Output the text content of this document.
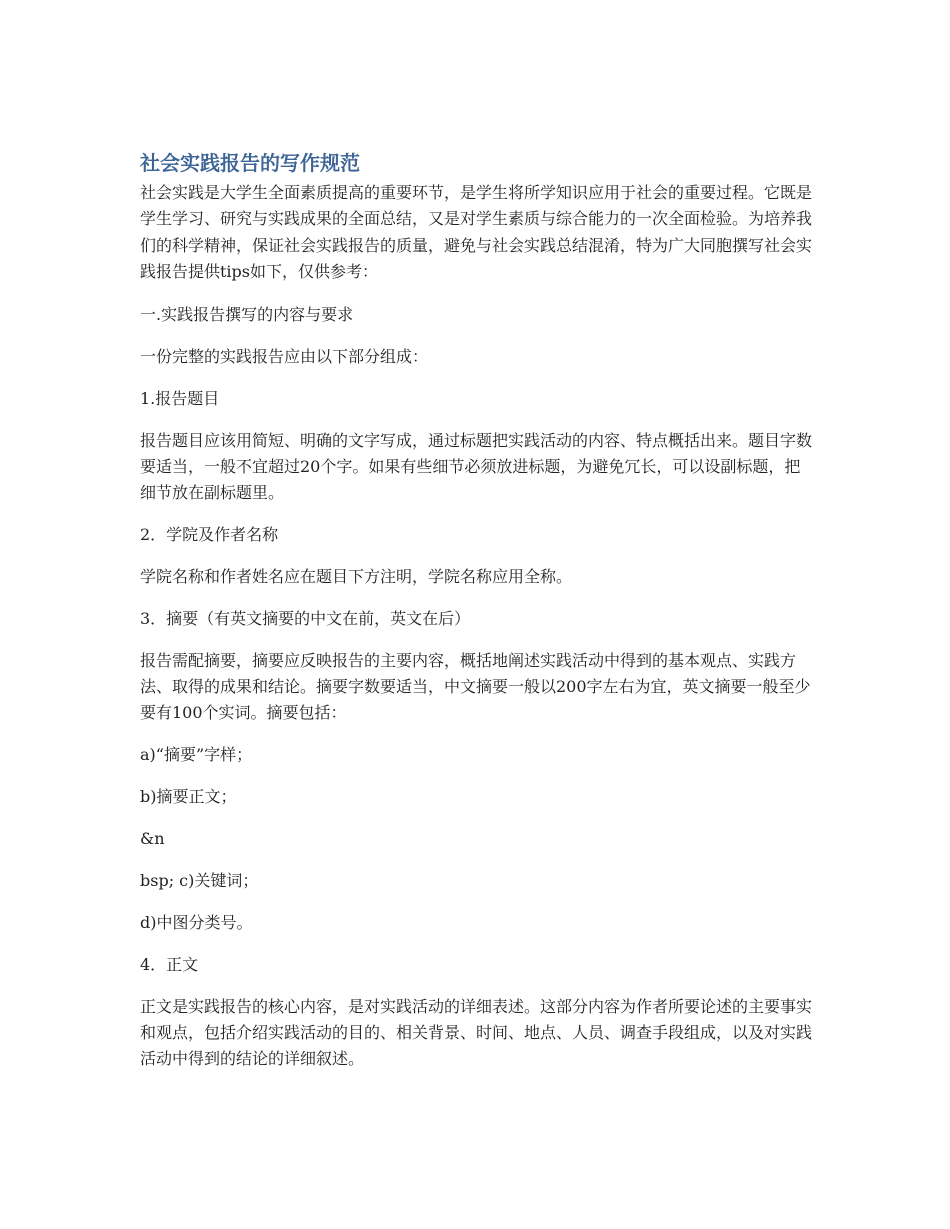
社会实践报告的写作规范

社会实践是大学生全面素质提高的重要环节，是学生将所学知识应用于社会的重要过程。它既是学生学习、研究与实践成果的全面总结，又是对学生素质与综合能力的一次全面检验。为培养我们的科学精神，保证社会实践报告的质量，避免与社会实践总结混淆，特为广大同胞撰写社会实践报告提供tips如下，仅供参考：

一.实践报告撰写的内容与要求

一份完整的实践报告应由以下部分组成：

1.报告题目

报告题目应该用简短、明确的文字写成，通过标题把实践活动的内容、特点概括出来。题目字数要适当，一般不宜超过20个字。如果有些细节必须放进标题，为避免冗长，可以设副标题，把细节放在副标题里。

2．学院及作者名称

学院名称和作者姓名应在题目下方注明，学院名称应用全称。

3．摘要（有英文摘要的中文在前，英文在后）

报告需配摘要，摘要应反映报告的主要内容，概括地阐述实践活动中得到的基本观点、实践方法、取得的成果和结论。摘要字数要适当，中文摘要一般以200字左右为宜，英文摘要一般至少要有100个实词。摘要包括：

a)“摘要”字样；

b)摘要正文；

&n

bsp; c)关键词；

d)中图分类号。

4．正文

正文是实践报告的核心内容，是对实践活动的详细表述。这部分内容为作者所要论述的主要事实和观点，包括介绍实践活动的目的、相关背景、时间、地点、人员、调查手段组成，以及对实践活动中得到的结论的详细叙述。
